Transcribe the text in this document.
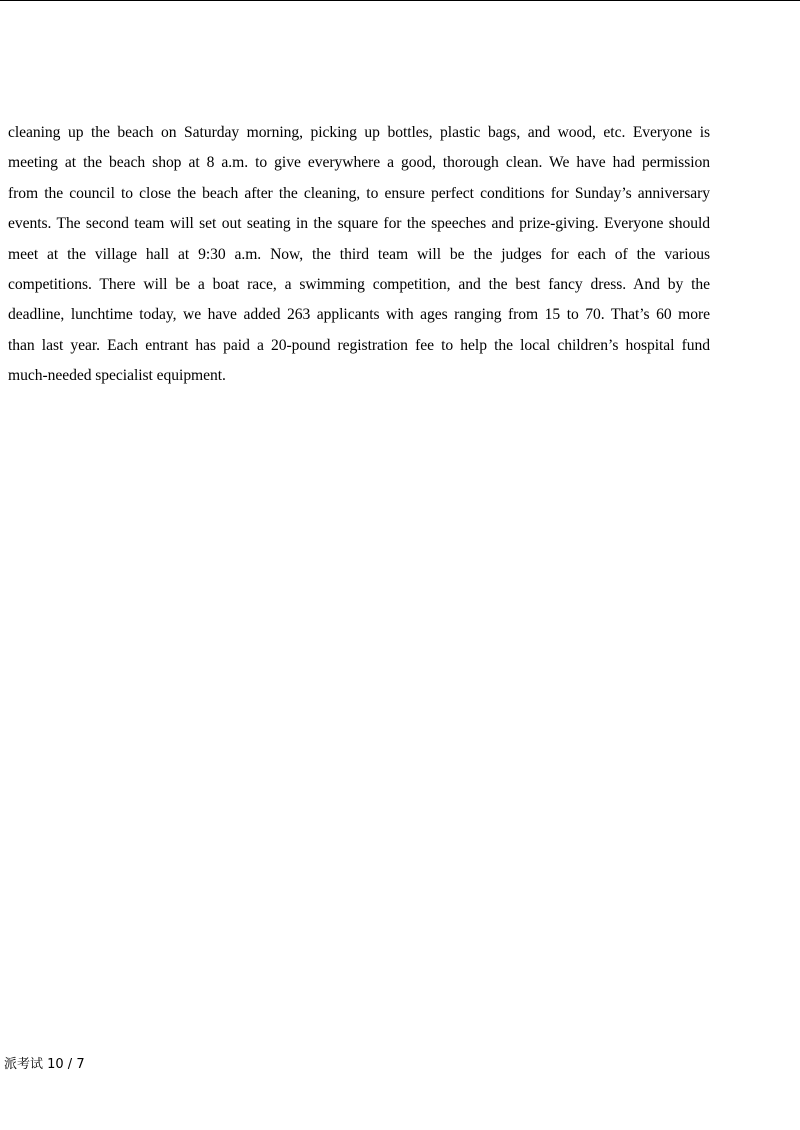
cleaning up the beach on Saturday morning, picking up bottles, plastic bags, and wood, etc. Everyone is
meeting at the beach shop at 8 a.m. to give everywhere a good, thorough clean. We have had permission
from the council to close the beach after the cleaning, to ensure perfect conditions for Sunday’s anniversary
events. The second team will set out seating in the square for the speeches and prize-giving. Everyone should
meet at the village hall at 9:30 a.m. Now, the third team will be the judges for each of the various
competitions. There will be a boat race, a swimming competition, and the best fancy dress. And by the
deadline, lunchtime today, we have added 263 applicants with ages ranging from 15 to 70. That’s 60 more
than last year. Each entrant has paid a 20-pound registration fee to help the local children’s hospital fund
much-needed specialist equipment.
派考试 10 / 7
